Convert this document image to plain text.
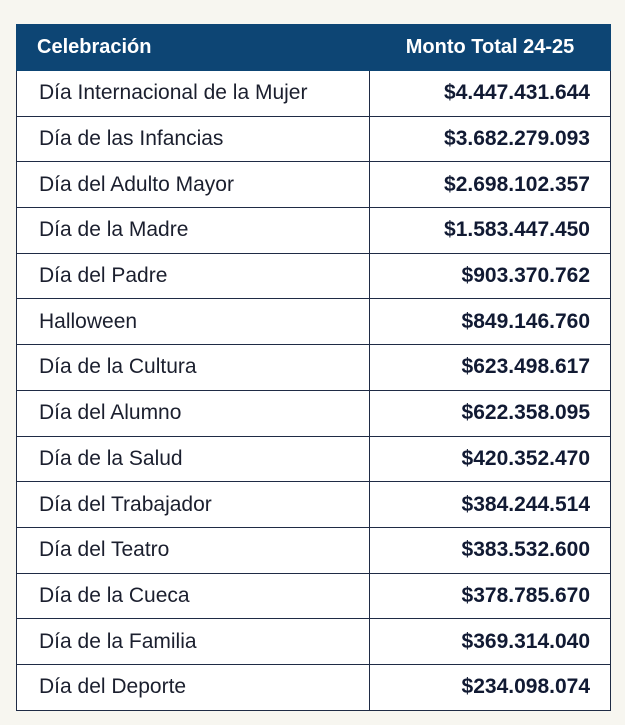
Celebración	Monto Total 24-25
Día Internacional de la Mujer	$4.447.431.644
Día de las Infancias	$3.682.279.093
Día del Adulto Mayor	$2.698.102.357
Día de la Madre	$1.583.447.450
Día del Padre	$903.370.762
Halloween	$849.146.760
Día de la Cultura	$623.498.617
Día del Alumno	$622.358.095
Día de la Salud	$420.352.470
Día del Trabajador	$384.244.514
Día del Teatro	$383.532.600
Día de la Cueca	$378.785.670
Día de la Familia	$369.314.040
Día del Deporte	$234.098.074
